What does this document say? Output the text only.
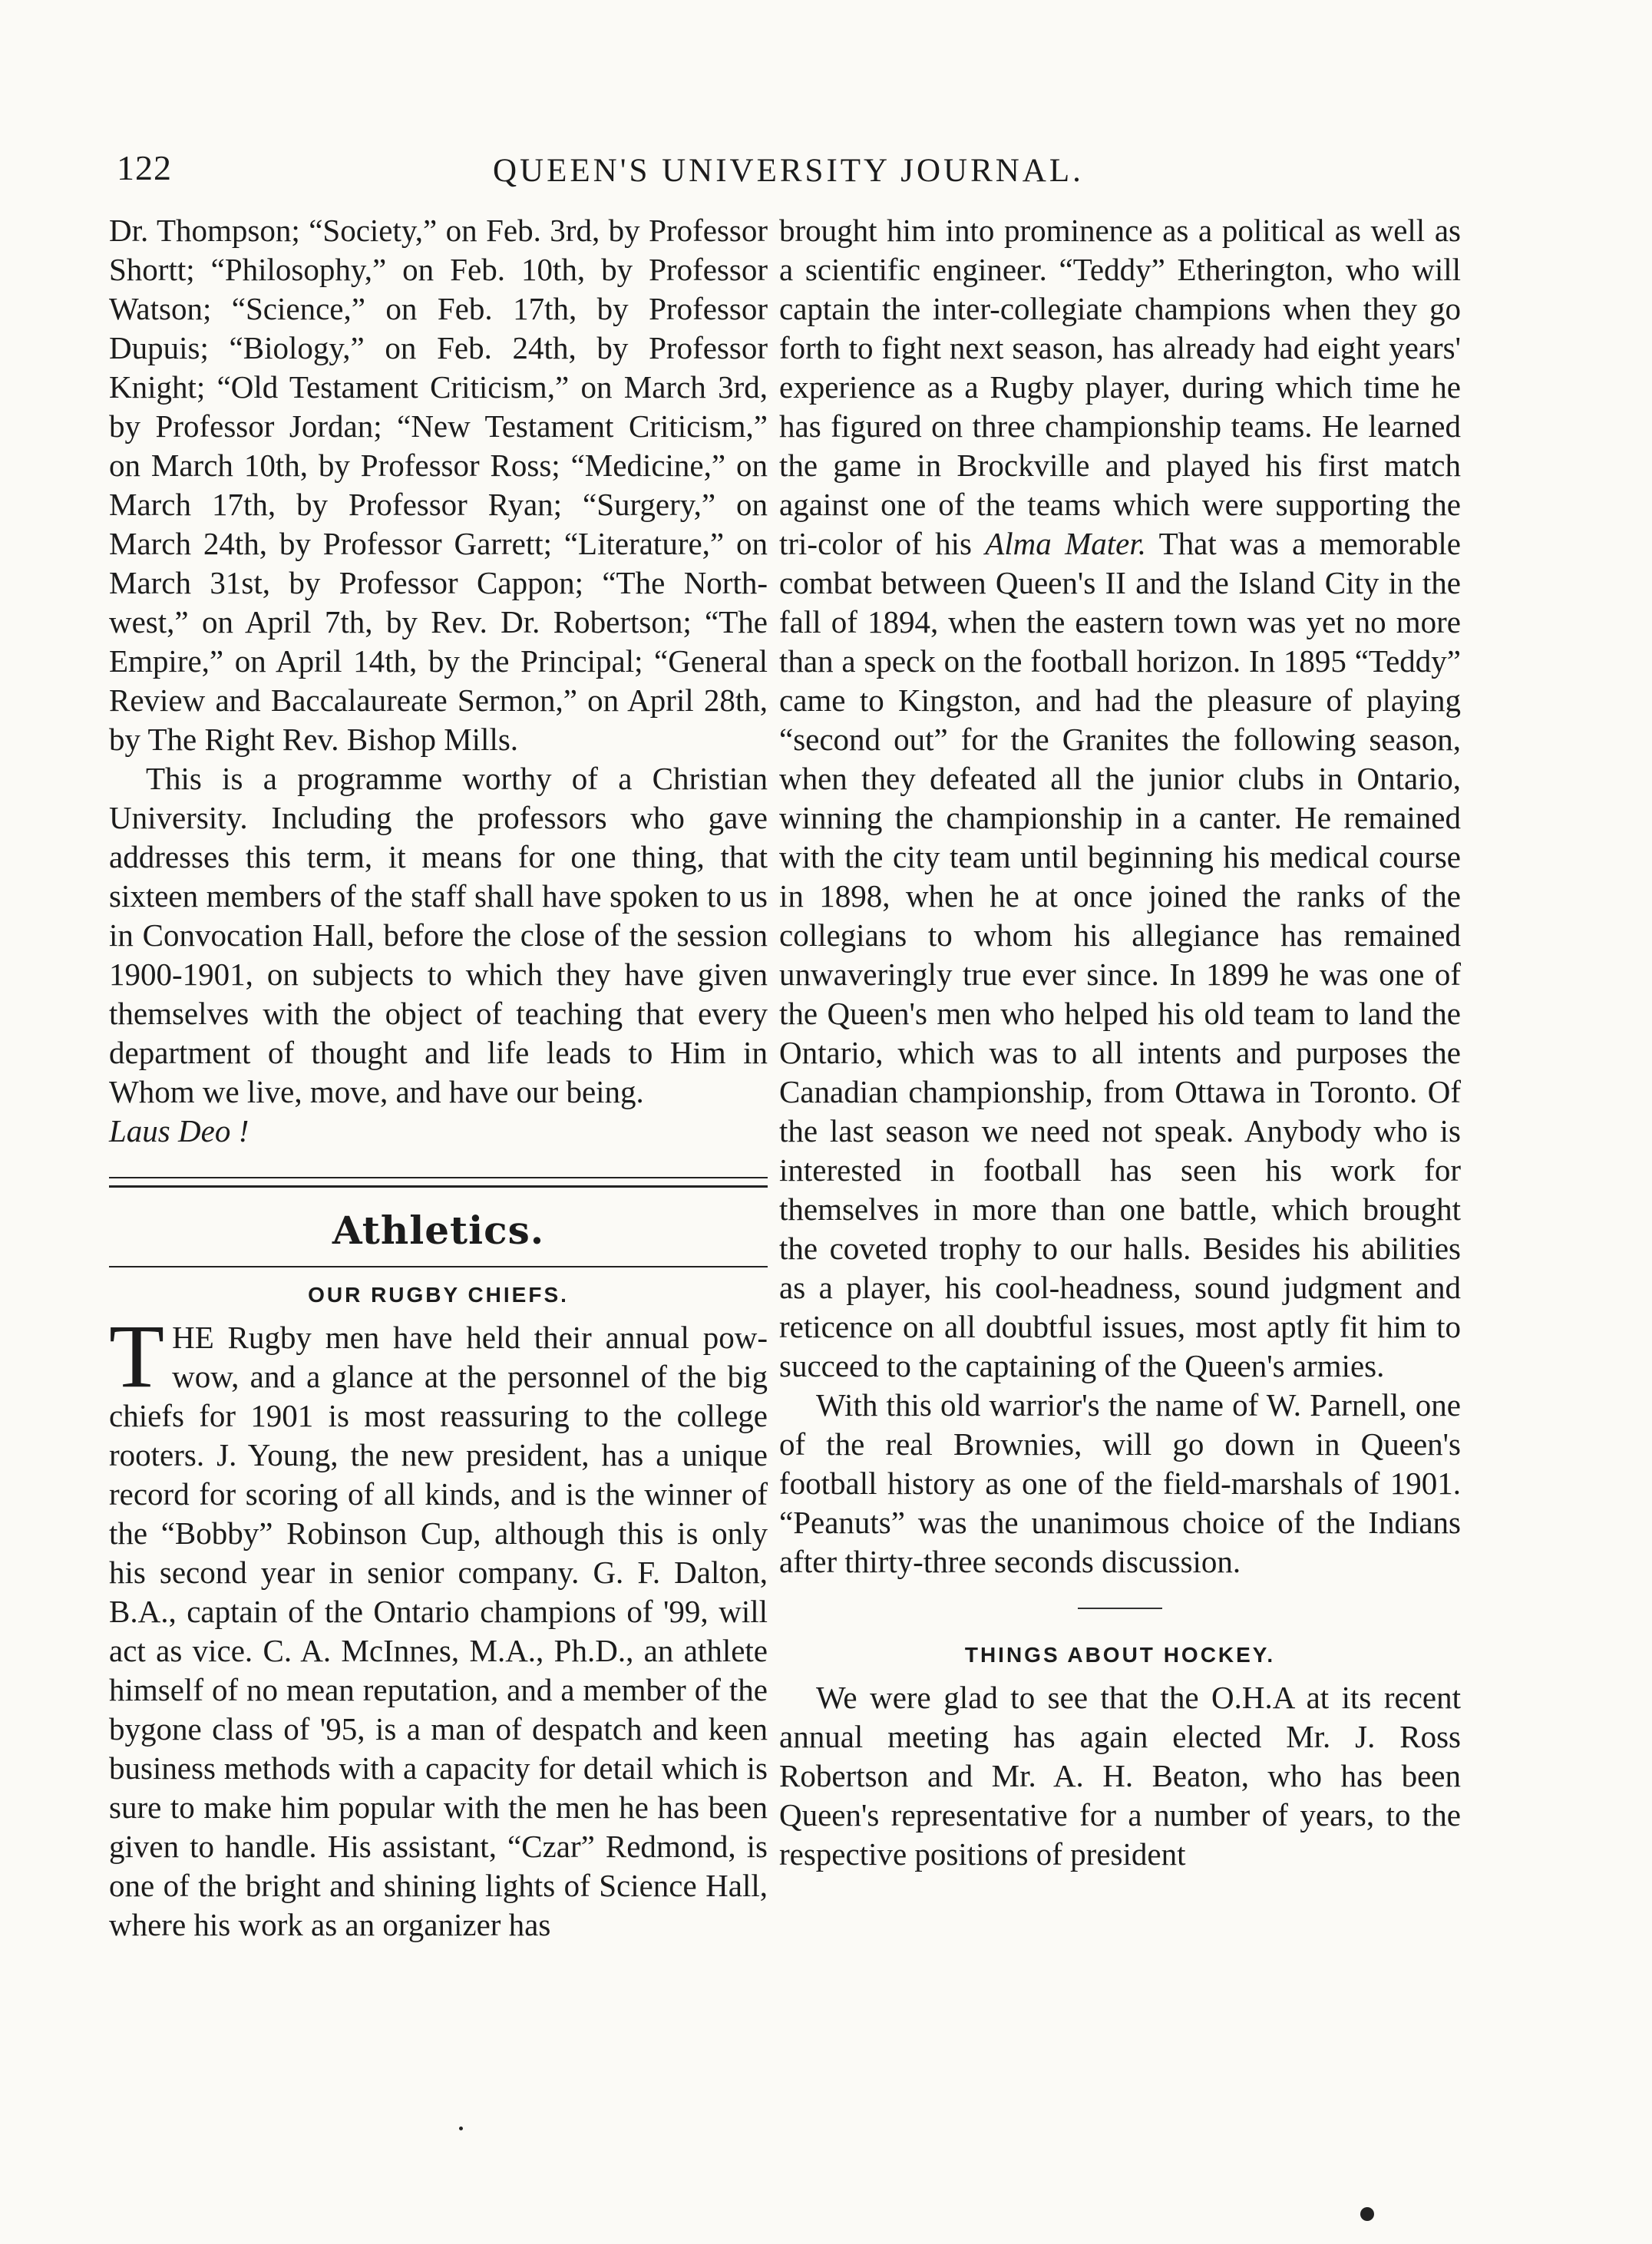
122	QUEEN'S UNIVERSITY JOURNAL.

Dr. Thompson; “Society,” on Feb. 3rd, by Professor Shortt; “Philosophy,” on Feb. 10th, by Professor Watson; “Science,” on Feb. 17th, by Professor Dupuis; “Biology,” on Feb. 24th, by Professor Knight; “Old Testament Criticism,” on March 3rd, by Professor Jordan; “New Testament Criticism,” on March 10th, by Professor Ross; “Medicine,” on March 17th, by Professor Ryan; “Surgery,” on March 24th, by Professor Garrett; “Literature,” on March 31st, by Professor Cappon; “The North-west,” on April 7th, by Rev. Dr. Robertson; “The Empire,” on April 14th, by the Principal; “General Review and Baccalaureate Sermon,” on April 28th, by The Right Rev. Bishop Mills.

This is a programme worthy of a Christian University. Including the professors who gave addresses this term, it means for one thing, that sixteen members of the staff shall have spoken to us in Convocation Hall, before the close of the session 1900-1901, on subjects to which they have given themselves with the object of teaching that every department of thought and life leads to Him in Whom we live, move, and have our being.

Laus Deo !

Athletics.
OUR RUGBY CHIEFS.

THE Rugby men have held their annual pow-wow, and a glance at the personnel of the big chiefs for 1901 is most reassuring to the college rooters. J. Young, the new president, has a unique record for scoring of all kinds, and is the winner of the “Bobby” Robinson Cup, although this is only his second year in senior company. G. F. Dalton, B.A., captain of the Ontario champions of '99, will act as vice. C. A. McInnes, M.A., Ph.D., an athlete himself of no mean reputation, and a member of the bygone class of '95, is a man of despatch and keen business methods with a capacity for detail which is sure to make him popular with the men he has been given to handle. His assistant, “Czar” Redmond, is one of the bright and shining lights of Science Hall, where his work as an organizer has

brought him into prominence as a political as well as a scientific engineer. “Teddy” Etherington, who will captain the inter-collegiate champions when they go forth to fight next season, has already had eight years' experience as a Rugby player, during which time he has figured on three championship teams. He learned the game in Brockville and played his first match against one of the teams which were supporting the tri-color of his Alma Mater. That was a memorable combat between Queen's II and the Island City in the fall of 1894, when the eastern town was yet no more than a speck on the football horizon. In 1895 “Teddy” came to Kingston, and had the pleasure of playing “second out” for the Granites the following season, when they defeated all the junior clubs in Ontario, winning the championship in a canter. He remained with the city team until beginning his medical course in 1898, when he at once joined the ranks of the collegians to whom his allegiance has remained unwaveringly true ever since. In 1899 he was one of the Queen's men who helped his old team to land the Ontario, which was to all intents and purposes the Canadian championship, from Ottawa in Toronto. Of the last season we need not speak. Anybody who is interested in football has seen his work for themselves in more than one battle, which brought the coveted trophy to our halls. Besides his abilities as a player, his cool-headness, sound judgment and reticence on all doubtful issues, most aptly fit him to succeed to the captaining of the Queen's armies.

With this old warrior's the name of W. Parnell, one of the real Brownies, will go down in Queen's football history as one of the field-marshals of 1901. “Peanuts” was the unanimous choice of the Indians after thirty-three seconds discussion.

THINGS ABOUT HOCKEY.

We were glad to see that the O.H.A at its recent annual meeting has again elected Mr. J. Ross Robertson and Mr. A. H. Beaton, who has been Queen's representative for a number of years, to the respective positions of president
